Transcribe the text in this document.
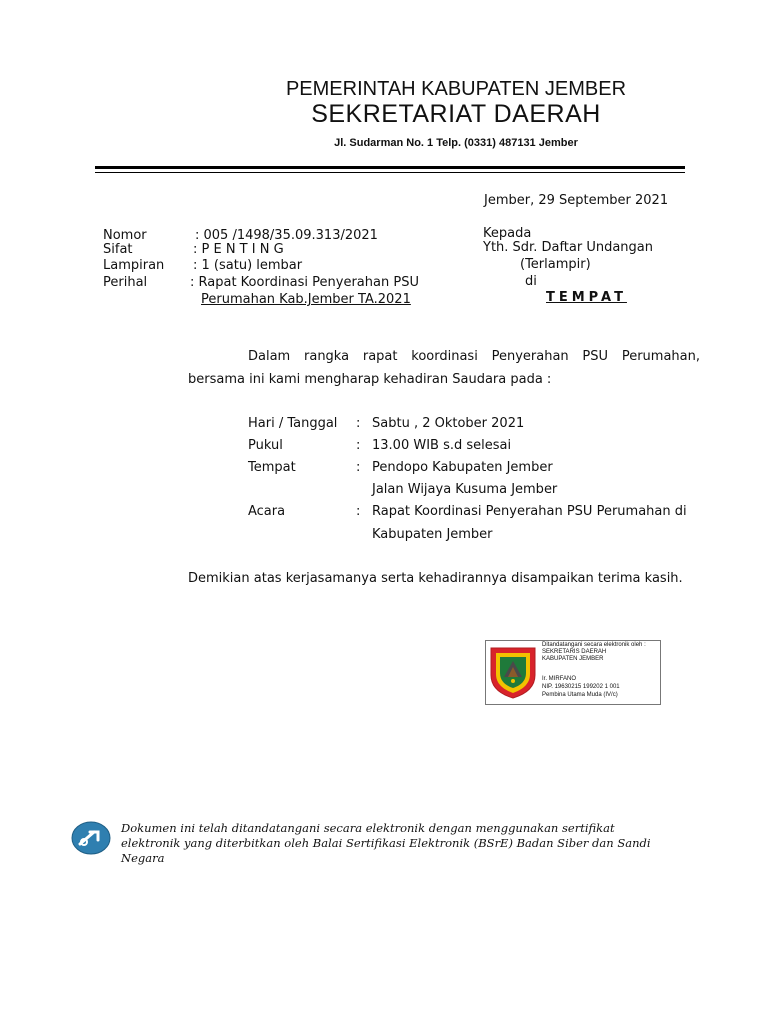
PEMERINTAH KABUPATEN JEMBER
SEKRETARIAT DAERAH
Jl. Sudarman No. 1 Telp. (0331) 487131 Jember
Jember, 29 September 2021
Nomor	: 005 /1498/35.09.313/2021
Sifat	: P E N T I N G
Lampiran : 1 (satu) lembar
Perihal	: Rapat Koordinasi Penyerahan PSU
Perumahan Kab.Jember TA.2021
Kepada
Yth. Sdr. Daftar Undangan
(Terlampir)
di
TEMPAT
Dalam rangka rapat koordinasi Penyerahan PSU Perumahan,
bersama ini kami mengharap kehadiran Saudara pada :
Hari / Tanggal : Sabtu , 2 Oktober 2021
Pukul	: 13.00 WIB s.d selesai
Tempat	: Pendopo Kabupaten Jember
Jalan Wijaya Kusuma Jember
Acara	: Rapat Koordinasi Penyerahan PSU Perumahan di
Kabupaten Jember
Demikian atas kerjasamanya serta kehadirannya disampaikan terima kasih.
Ditandatangani secara elektronik oleh :
SEKRETARIS DAERAH
KABUPATEN JEMBER
Ir. MIRFANO
NIP. 19630215 199202 1 001
Pembina Utama Muda (IV/c)
Dokumen ini telah ditandatangani secara elektronik dengan menggunakan sertifikat
elektronik yang diterbitkan oleh Balai Sertifikasi Elektronik (BSrE) Badan Siber dan Sandi
Negara
